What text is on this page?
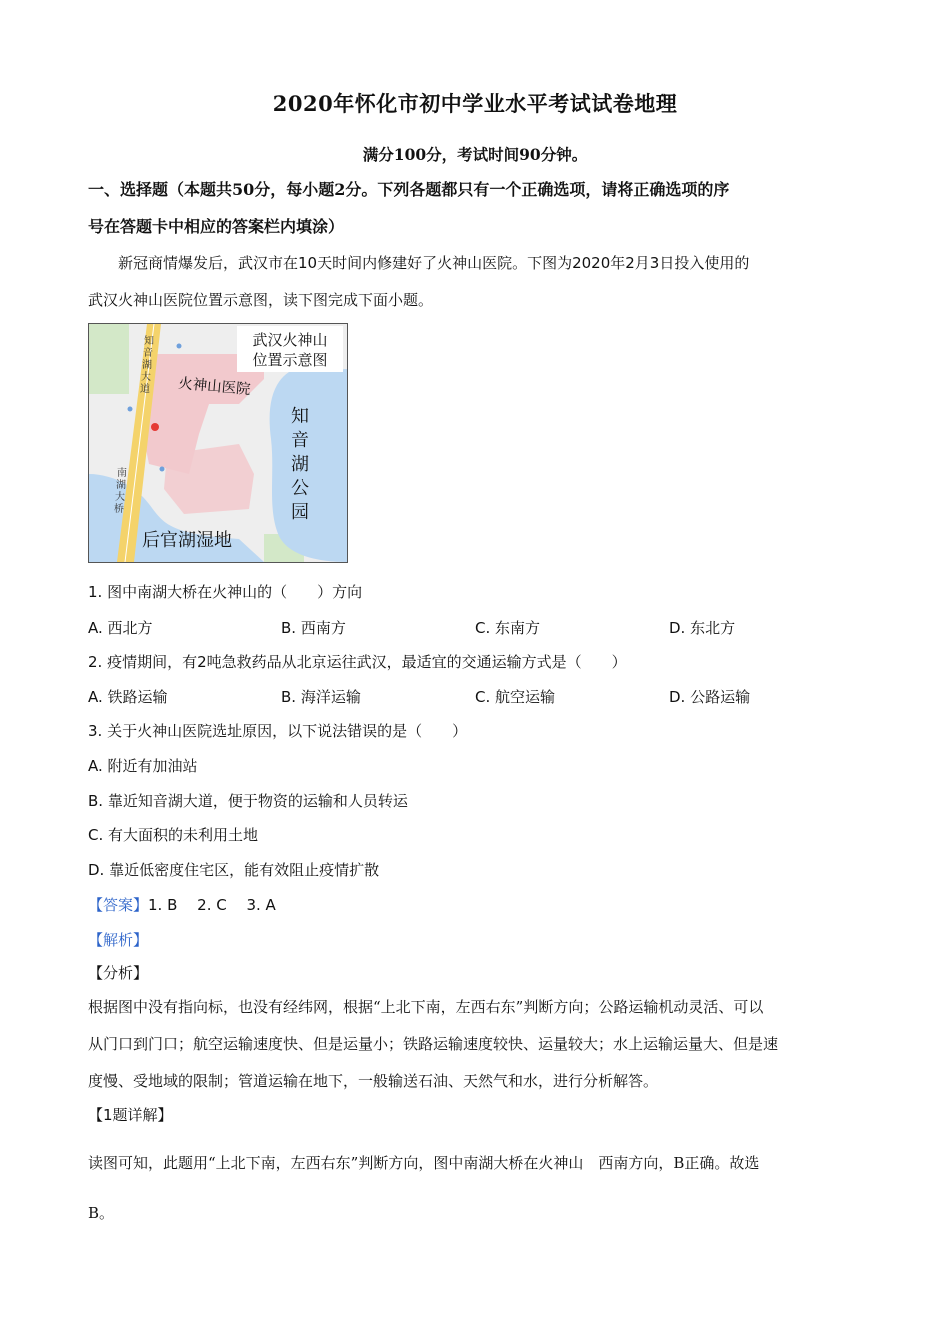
2020年怀化市初中学业水平考试试卷地理
满分100分，考试时间90分钟。
一、选择题（本题共50分，每小题2分。下列各题都只有一个正确选项，请将正确选项的序
号在答题卡中相应的答案栏内填涂）
新冠商情爆发后，武汉市在10天时间内修建好了火神山医院。下图为2020年2月3日投入使用的
武汉火神山医院位置示意图，读下图完成下面小题。
武汉火神山
位置示意图
火神山医院
知
音
湖
大
道
南
湖
大
桥
知
音
湖
公
园
后官湖湿地
1. 图中南湖大桥在火神山的（　　）方向
A. 西北方	B. 西南方	C. 东南方	D. 东北方
2. 疫情期间，有2吨急救药品从北京运往武汉，最适宜的交通运输方式是（　　）
A. 铁路运输	B. 海洋运输	C. 航空运输	D. 公路运输
3. 关于火神山医院选址原因，以下说法错误的是（　　）
A. 附近有加油站
B. 靠近知音湖大道，便于物资的运输和人员转运
C. 有大面积的未利用土地
D. 靠近低密度住宅区，能有效阻止疫情扩散
【答案】1. B　 2. C　 3. A
【解析】
【分析】
根据图中没有指向标，也没有经纬网，根据“上北下南，左西右东”判断方向；公路运输机动灵活、可以
从门口到门口；航空运输速度快、但是运量小；铁路运输速度较快、运量较大；水上运输运量大、但是速
度慢、受地域的限制；管道运输在地下，一般输送石油、天然气和水，进行分析解答。
【1题详解】
读图可知，此题用“上北下南，左西右东”判断方向，图中南湖大桥在火神山　西南方向，B正确。故选
B。
